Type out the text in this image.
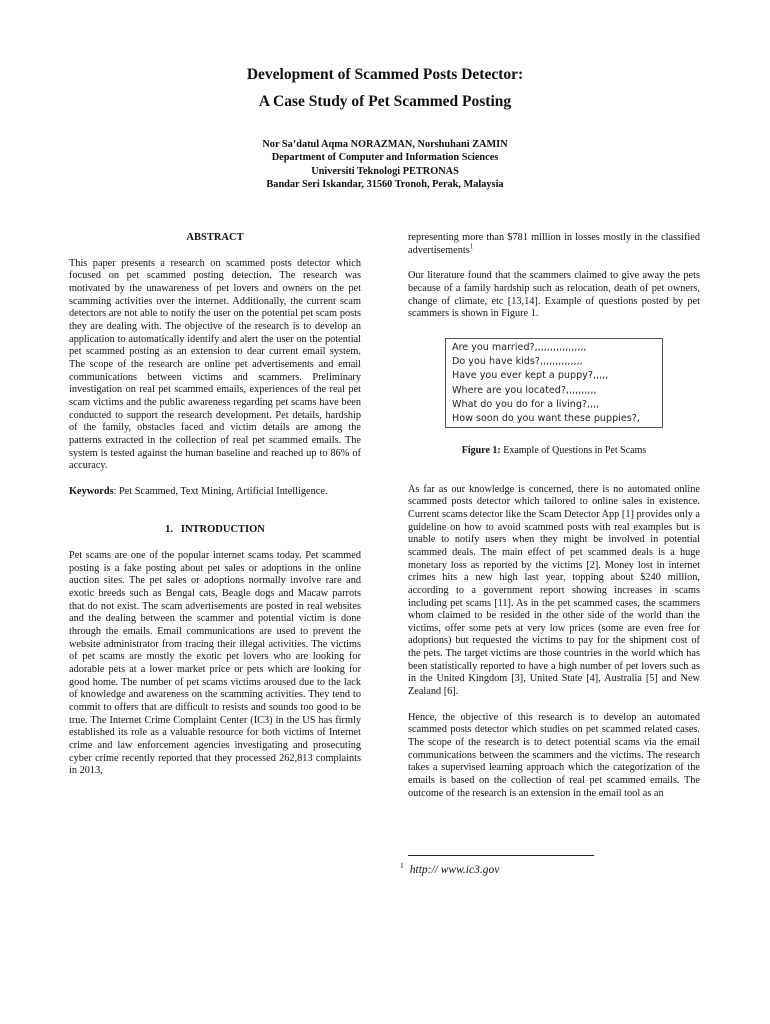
Development of Scammed Posts Detector:
A Case Study of Pet Scammed Posting
Nor Sa’datul Aqma NORAZMAN, Norshuhani ZAMIN
Department of Computer and Information Sciences
Universiti Teknologi PETRONAS
Bandar Seri Iskandar, 31560 Tronoh, Perak, Malaysia
ABSTRACT

This paper presents a research on scammed posts detector which focused on pet scammed posting detection. The research was motivated by the unawareness of pet lovers and owners on the pet scamming activities over the internet. Additionally, the current scam detectors are not able to notify the user on the potential pet scam posts they are dealing with. The objective of the research is to develop an application to automatically identify and alert the user on the potential pet scammed posting as an extension to dear current email system. The scope of the research are online pet advertisements and email communications between victims and scammers. Preliminary investigation on real pet scammed emails, experiences of the real pet scam victims and the public awareness regarding pet scams have been conducted to support the research development. Pet details, hardship of the family, obstacles faced and victim details are among the patterns extracted in the collection of real pet scammed emails. The system is tested against the human baseline and reached up to 86% of accuracy.

Keywords: Pet Scammed, Text Mining, Artificial Intelligence.

1.   INTRODUCTION

Pet scams are one of the popular internet scams today. Pet scammed posting is a fake posting about pet sales or adoptions in the online auction sites. The pet sales or adoptions normally involve rare and exotic breeds such as Bengal cats, Beagle dogs and Macaw parrots that do not exist. The scam advertisements are posted in real websites and the dealing between the scammer and potential victim is done through the emails. Email communications are used to prevent the website administrator from tracing their illegal activities. The victims of pet scams are mostly the exotic pet lovers who are looking for adorable pets at a lower market price or pets which are looking for good home. The number of pet scams victims aroused due to the lack of knowledge and awareness on the scamming activities. They tend to commit to offers that are difficult to resists and sounds too good to be true. The Internet Crime Complaint Center (IC3) in the US has firmly established its role as a valuable resource for both victims of Internet crime and law enforcement agencies investigating and prosecuting cyber crime recently reported that they processed 262,813 complaints in 2013,

representing more than $781 million in losses mostly in the classified advertisements$^1$

Our literature found that the scammers claimed to give away the pets because of a family hardship such as relocation, death of pet owners, change of climate, etc [13,14]. Example of questions posted by pet scammers is shown in Figure 1.

Are you married?,,,,,,,,,,,,,,,,,
Do you have kids?,,,,,,,,,,,,,,
Have you ever kept a puppy?,,,,,
Where are you located?,,,,,,,,,,
What do you do for a living?,,,,
How soon do you want these puppies?,
Figure 1: Example of Questions in Pet Scams

As far as our knowledge is concerned, there is no automated online scammed posts detector which tailored to online sales in existence. Current scams detector like the Scam Detector App [1] provides only a guideline on how to avoid scammed posts with real examples but is unable to notify users when they might be involved in potential scammed deals. The main effect of pet scammed deals is a huge monetary loss as reported by the victims [2]. Money lost in internet crimes hits a new high last year, topping about $240 million, according to a government report showing increases in scams including pet scams [11]. As in the pet scammed cases, the scammers whom claimed to be resided in the other side of the world than the victims, offer some pets at very low prices (some are even free for adoptions) but requested the victims to pay for the shipment cost of the pets. The target victims are those countries in the world which has been statistically reported to have a high number of pet lovers such as in the United Kingdom [3], United State [4], Australia [5] and New Zealand [6].

Hence, the objective of this research is to develop an automated scammed posts detector which studies on pet scammed related cases. The scope of the research is to detect potential scams via the email communications between the scammers and the victims. The research takes a supervised learning approach which the categorization of the emails is based on the collection of real pet scammed emails. The outcome of the research is an extension in the email tool as an

$^1$ http:// www.ic3.gov
